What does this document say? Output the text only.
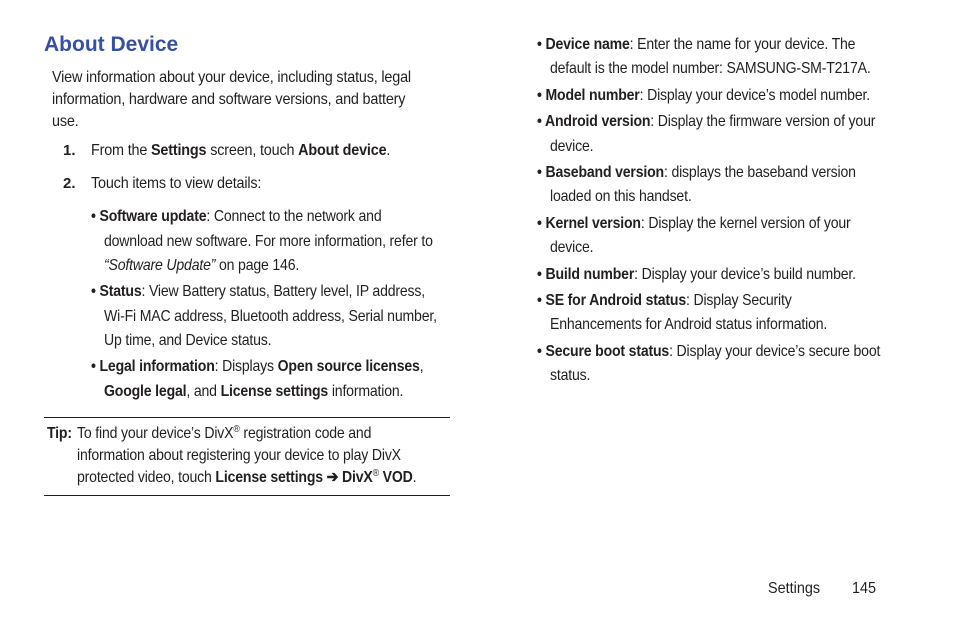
About Device
View information about your device, including status, legal
information, hardware and software versions, and battery
use.
1. From the Settings screen, touch About device.
2. Touch items to view details:
• Software update: Connect to the network and
download new software. For more information, refer to
“Software Update” on page 146.
• Status: View Battery status, Battery level, IP address,
Wi-Fi MAC address, Bluetooth address, Serial number,
Up time, and Device status.
• Legal information: Displays Open source licenses,
Google legal, and License settings information.
Tip: To find your device’s DivX® registration code and
information about registering your device to play DivX
protected video, touch License settings ➔ DivX® VOD.
• Device name: Enter the name for your device. The
default is the model number: SAMSUNG-SM-T217A.
• Model number: Display your device’s model number.
• Android version: Display the firmware version of your
device.
• Baseband version: displays the baseband version
loaded on this handset.
• Kernel version: Display the kernel version of your
device.
• Build number: Display your device’s build number.
• SE for Android status: Display Security
Enhancements for Android status information.
• Secure boot status: Display your device’s secure boot
status.
Settings 145
